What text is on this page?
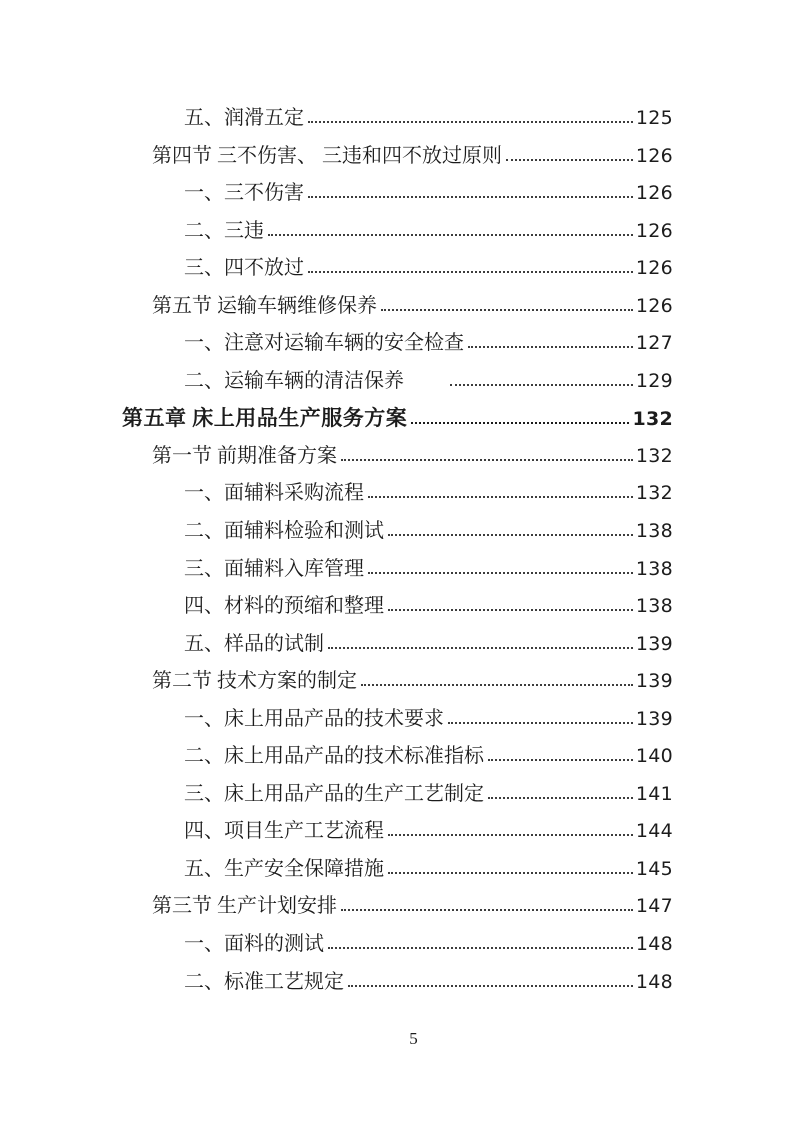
五、润滑五定	125
第四节 三不伤害、 三违和四不放过原则	126
一、三不伤害	126
二、三违	126
三、四不放过	126
第五节 运输车辆维修保养	126
一、注意对运输车辆的安全检查	127
二、运输车辆的清洁保养	129
第五章 床上用品生产服务方案	132
第一节 前期准备方案	132
一、面辅料采购流程	132
二、面辅料检验和测试	138
三、面辅料入库管理	138
四、材料的预缩和整理	138
五、样品的试制	139
第二节 技术方案的制定	139
一、床上用品产品的技术要求	139
二、床上用品产品的技术标准指标	140
三、床上用品产品的生产工艺制定	141
四、项目生产工艺流程	144
五、生产安全保障措施	145
第三节 生产计划安排	147
一、面料的测试	148
二、标准工艺规定	148
5
